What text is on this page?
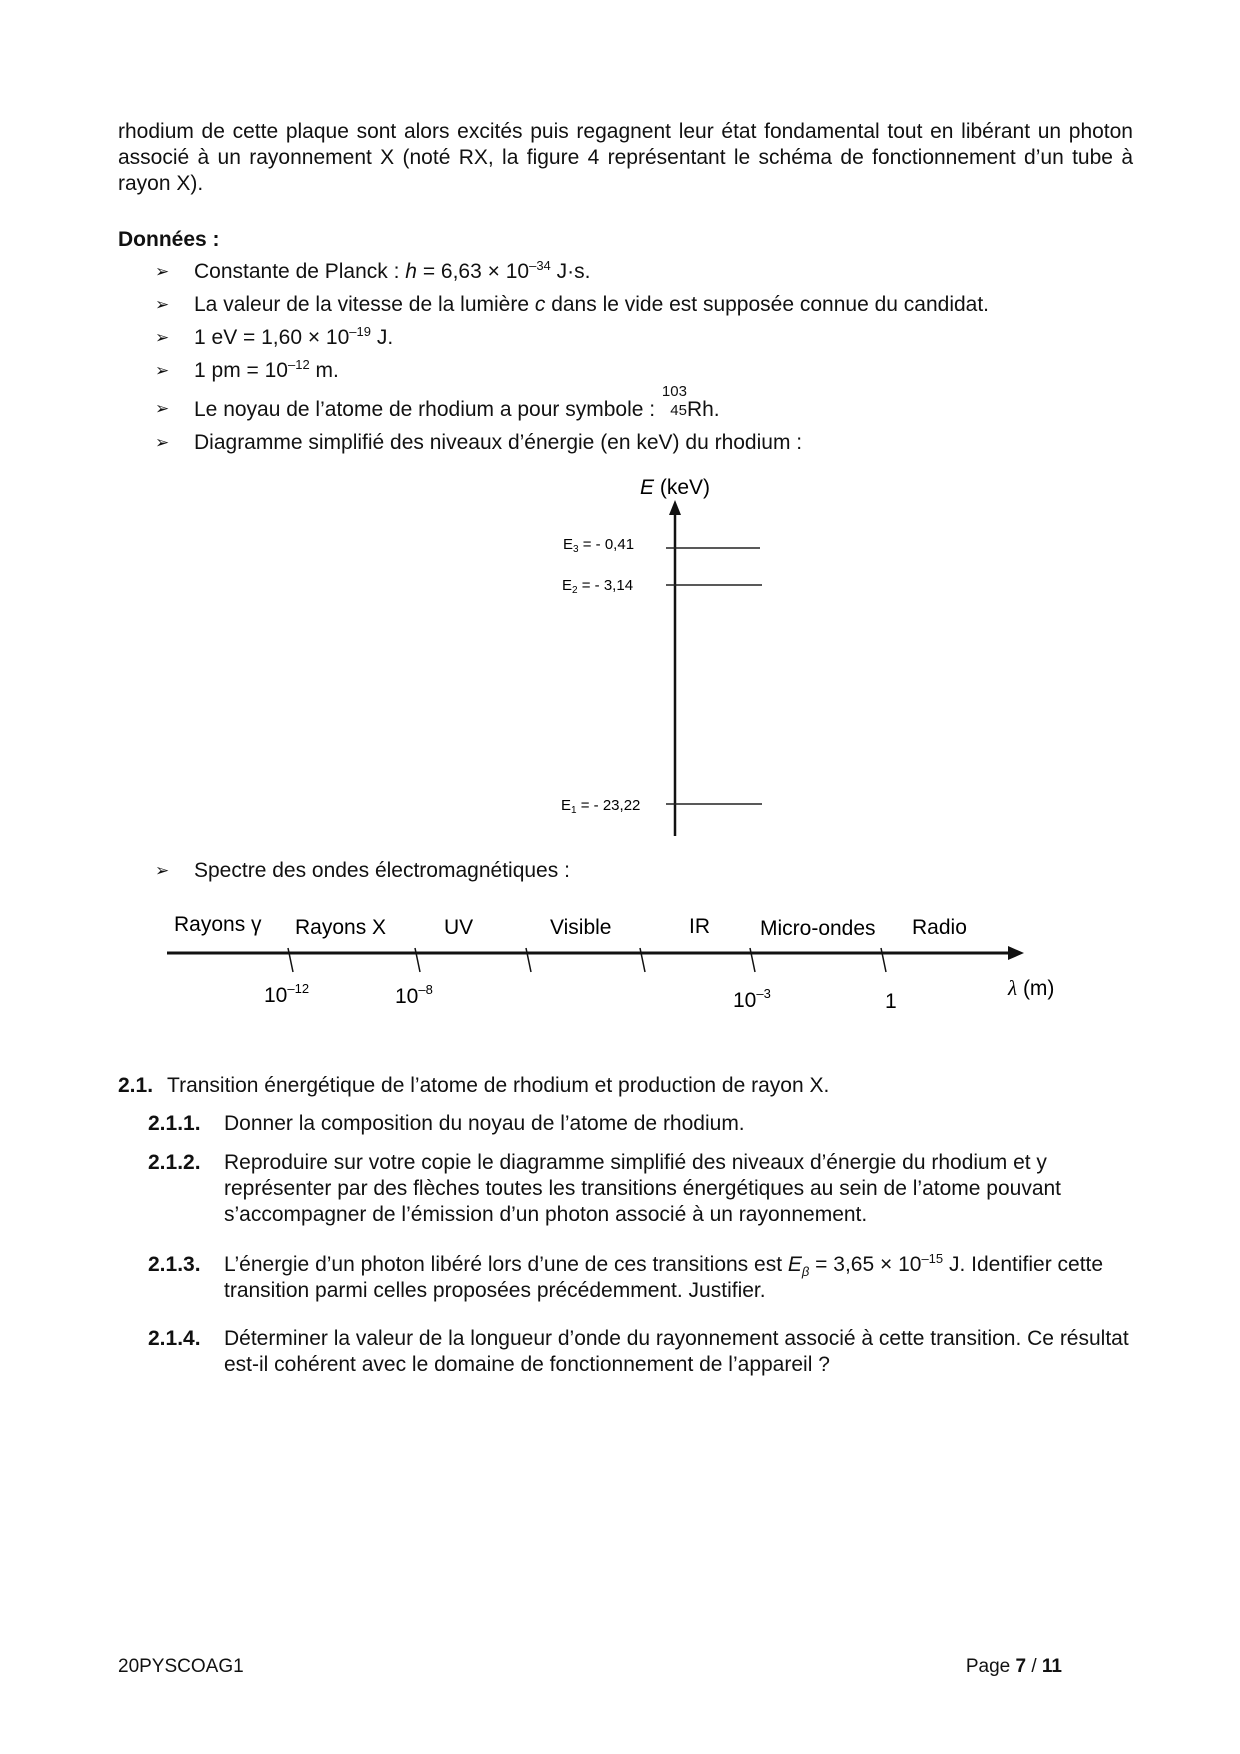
rhodium de cette plaque sont alors excités puis regagnent leur état fondamental tout en libérant un photon associé à un rayonnement X (noté RX, la figure 4 représentant le schéma de fonctionnement d’un tube à rayon X).

Données :

➢ Constante de Planck : $h = 6,63 \times 10^{-34}$ J·s.
➢ La valeur de la vitesse de la lumière c dans le vide est supposée connue du candidat.
➢ 1 eV = $1,60 \times 10^{-19}$ J.
➢ 1 pm = $10^{-12}$ m.
➢ Le noyau de l’atome de rhodium a pour symbole :
103
45 Rh.
➢ Diagramme simplifié des niveaux d’énergie (en keV) du rhodium :
➢ Spectre des ondes électromagnétiques :
E (keV)
$E_3$ = - 0,41
$E_2$ = - 3,14
$E_1$ = - 23,22
Rayons γ Rayons X	UV	Visible	IR Micro-ondes Radio
$10^{-12}$	$10^{-8}$	$10^{-3}$	1
λ (m)

2.1. Transition énergétique de l’atome de rhodium et production de rayon X.

2.1.1. Donner la composition du noyau de l’atome de rhodium.
2.1.2. Reproduire sur votre copie le diagramme simplifié des niveaux d’énergie du rhodium et y représenter par des flèches toutes les transitions énergétiques au sein de l’atome pouvant s’accompagner de l’émission d’un photon associé à un rayonnement.
2.1.3. L’énergie d’un photon libéré lors d’une de ces transitions est $E_\beta = 3,65 \times 10^{-15}$ J. Identifier cette transition parmi celles proposées précédemment. Justifier.
2.1.4. Déterminer la valeur de la longueur d’onde du rayonnement associé à cette transition. Ce résultat est-il cohérent avec le domaine de fonctionnement de l’appareil ?
20PYSCOAG1	Page 7 / 11
